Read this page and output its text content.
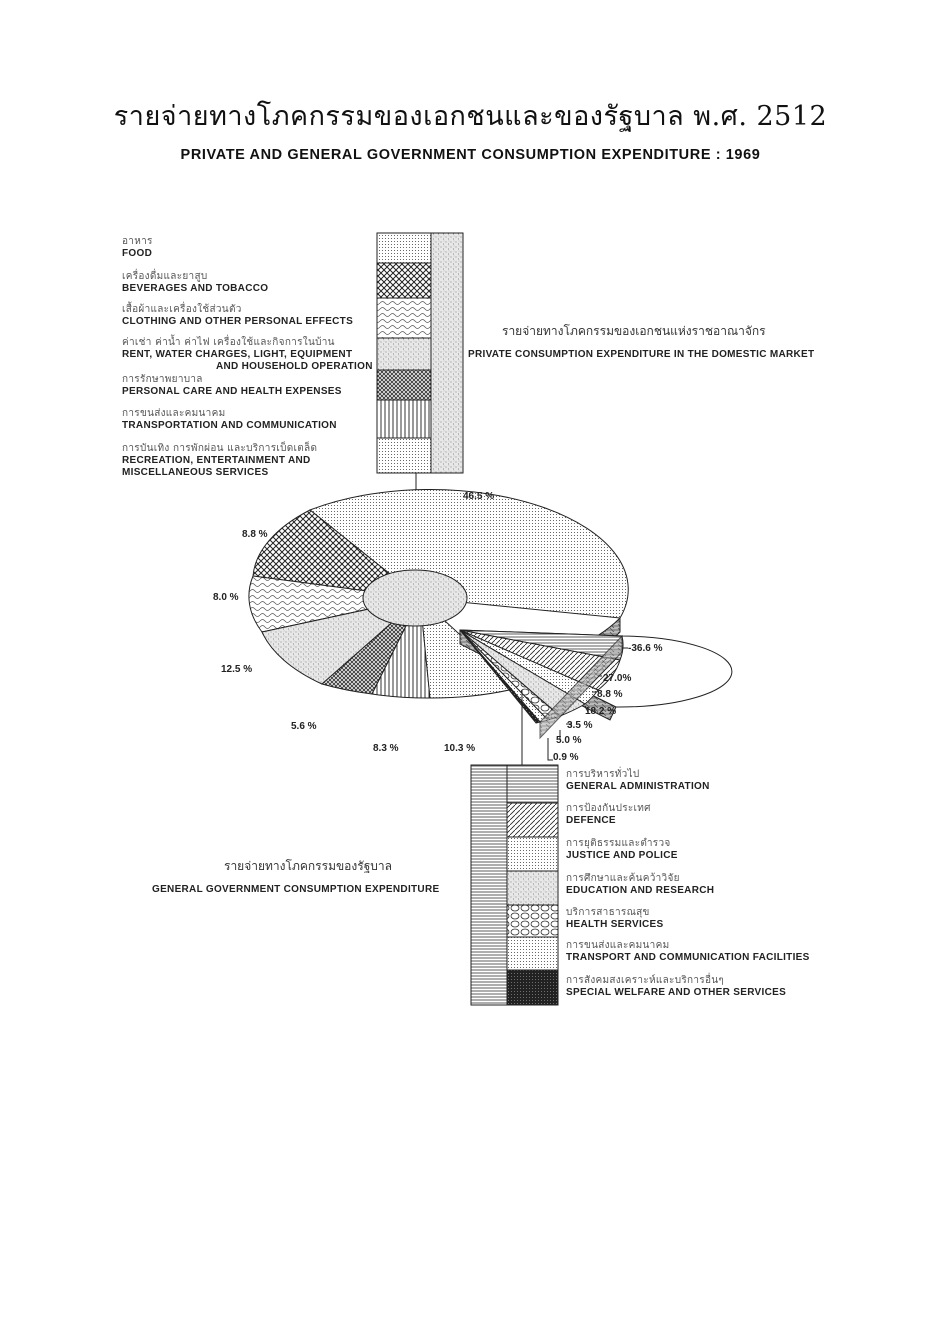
รายจ่ายทางโภคกรรมของเอกชนและของรัฐบาล พ.ศ. 2512
PRIVATE AND GENERAL GOVERNMENT CONSUMPTION EXPENDITURE : 1969
อาหาร
FOOD
เครื่องดื่มและยาสูบ
BEVERAGES AND TOBACCO
เสื้อผ้าและเครื่องใช้ส่วนตัว
CLOTHING AND OTHER PERSONAL EFFECTS
ค่าเช่า ค่าน้ำ ค่าไฟ เครื่องใช้และกิจการในบ้าน
RENT, WATER CHARGES, LIGHT, EQUIPMENT
AND HOUSEHOLD OPERATION
การรักษาพยาบาล
PERSONAL CARE AND HEALTH EXPENSES
การขนส่งและคมนาคม
TRANSPORTATION AND COMMUNICATION
การบันเทิง การพักผ่อน และบริการเบ็ดเตล็ด
RECREATION, ENTERTAINMENT AND
MISCELLANEOUS SERVICES
รายจ่ายทางโภคกรรมของเอกชนแห่งราชอาณาจักร
PRIVATE CONSUMPTION EXPENDITURE IN THE DOMESTIC MARKET
46.5 %
8.8 %
8.0 %
12.5 %
5.6 %
8.3 %	10.3 %
-36.6 %
27.0%
8.8 %
18.2 %
3.5 %
5.0 %
0.9 %
การบริหารทั่วไป
GENERAL ADMINISTRATION
การป้องกันประเทศ
DEFENCE
การยุติธรรมและตำรวจ
JUSTICE AND POLICE
การศึกษาและค้นคว้าวิจัย
EDUCATION AND RESEARCH
บริการสาธารณสุข
HEALTH SERVICES
การขนส่งและคมนาคม
TRANSPORT AND COMMUNICATION FACILITIES
การสังคมสงเคราะห์และบริการอื่นๆ
SPECIAL WELFARE AND OTHER SERVICES
รายจ่ายทางโภคกรรมของรัฐบาล
GENERAL GOVERNMENT CONSUMPTION EXPENDITURE
